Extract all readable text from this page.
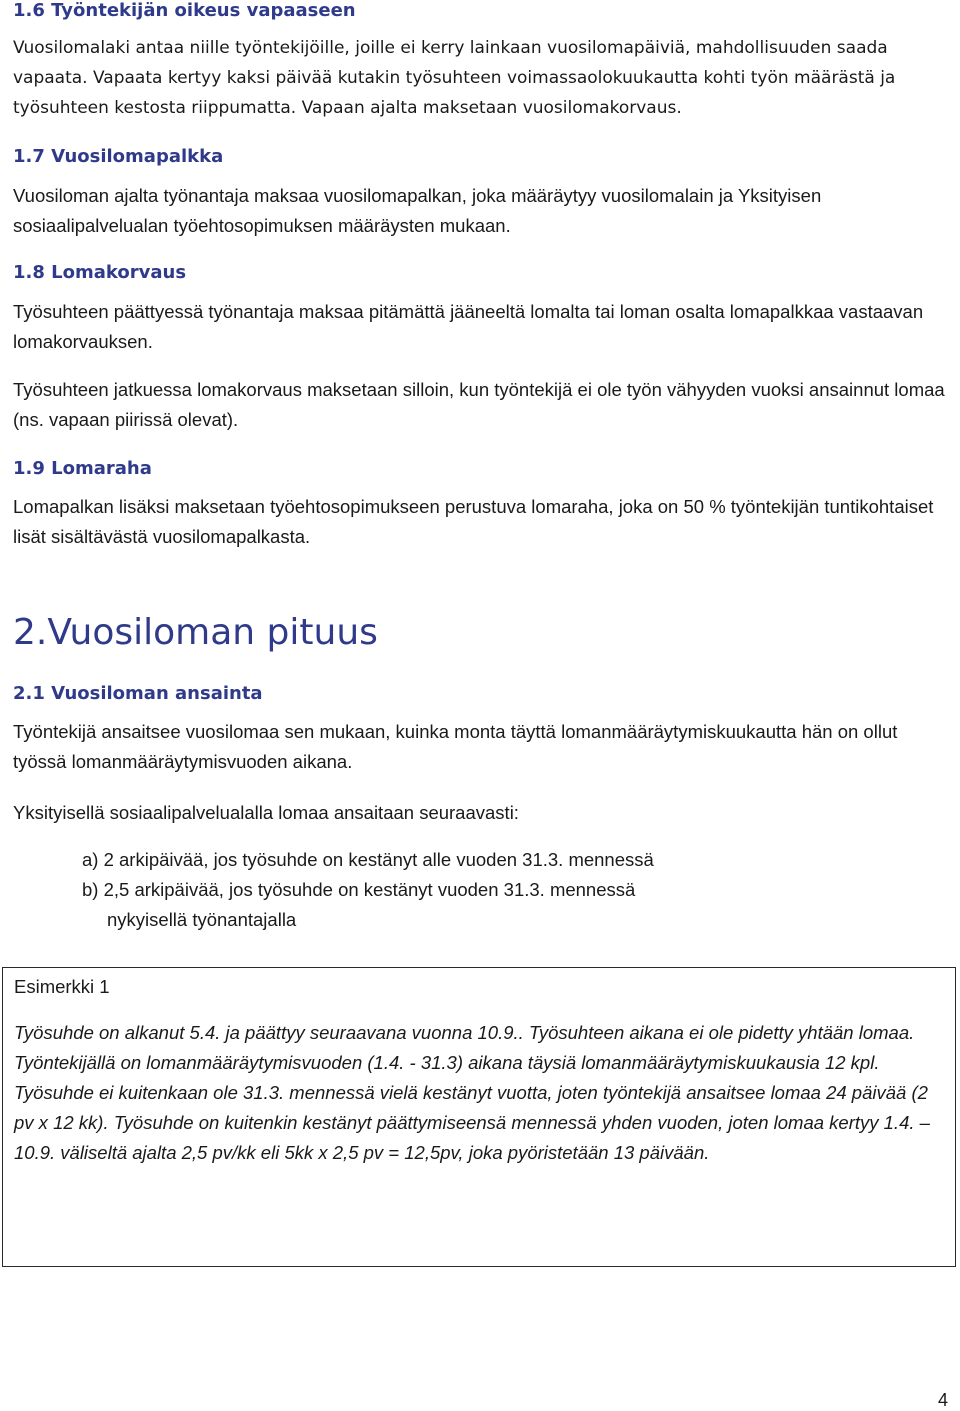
1.6 Työntekijän oikeus vapaaseen

Vuosilomalaki antaa niille työntekijöille, joille ei kerry lainkaan vuosilomapäiviä, mahdollisuuden saada vapaata. Vapaata kertyy kaksi päivää kutakin työsuhteen voimassaolokuukautta kohti työn määrästä ja työsuhteen kestosta riippumatta. Vapaan ajalta maksetaan vuosilomakorvaus.

1.7 Vuosilomapalkka

Vuosiloman ajalta työnantaja maksaa vuosilomapalkan, joka määräytyy vuosilomalain ja Yksityisen sosiaalipalvelualan työehtosopimuksen määräysten mukaan.

1.8 Lomakorvaus

Työsuhteen päättyessä työnantaja maksaa pitämättä jääneeltä lomalta tai loman osalta lomapalkkaa vastaavan lomakorvauksen.

Työsuhteen jatkuessa lomakorvaus maksetaan silloin, kun työntekijä ei ole työn vähyyden vuoksi ansainnut lomaa (ns. vapaan piirissä olevat).

1.9 Lomaraha

Lomapalkan lisäksi maksetaan työehtosopimukseen perustuva lomaraha, joka on 50 % työntekijän tuntikohtaiset lisät sisältävästä vuosilomapalkasta.

2.Vuosiloman pituus
2.1 Vuosiloman ansainta

Työntekijä ansaitsee vuosilomaa sen mukaan, kuinka monta täyttä lomanmääräytymiskuukautta hän on ollut työssä lomanmääräytymisvuoden aikana.

Yksityisellä sosiaalipalvelualalla lomaa ansaitaan seuraavasti:

a) 2 arkipäivää, jos työsuhde on kestänyt alle vuoden 31.3. mennessä

b) 2,5 arkipäivää, jos työsuhde on kestänyt vuoden 31.3. mennessä

nykyisellä työnantajalla

Esimerkki 1

Työsuhde on alkanut 5.4. ja päättyy seuraavana vuonna 10.9.. Työsuhteen aikana ei ole pidetty yhtään lomaa. Työntekijällä on lomanmääräytymisvuoden (1.4. - 31.3) aikana täysiä lomanmääräytymiskuukausia 12 kpl. Työsuhde ei kuitenkaan ole 31.3. mennessä vielä kestänyt vuotta, joten työntekijä ansaitsee lomaa 24 päivää (2 pv x 12 kk). Työsuhde on kuitenkin kestänyt päättymiseensä mennessä yhden vuoden, joten lomaa kertyy 1.4. – 10.9. väliseltä ajalta 2,5 pv/kk eli 5kk x 2,5 pv = 12,5pv, joka pyöristetään 13 päivään.

4
